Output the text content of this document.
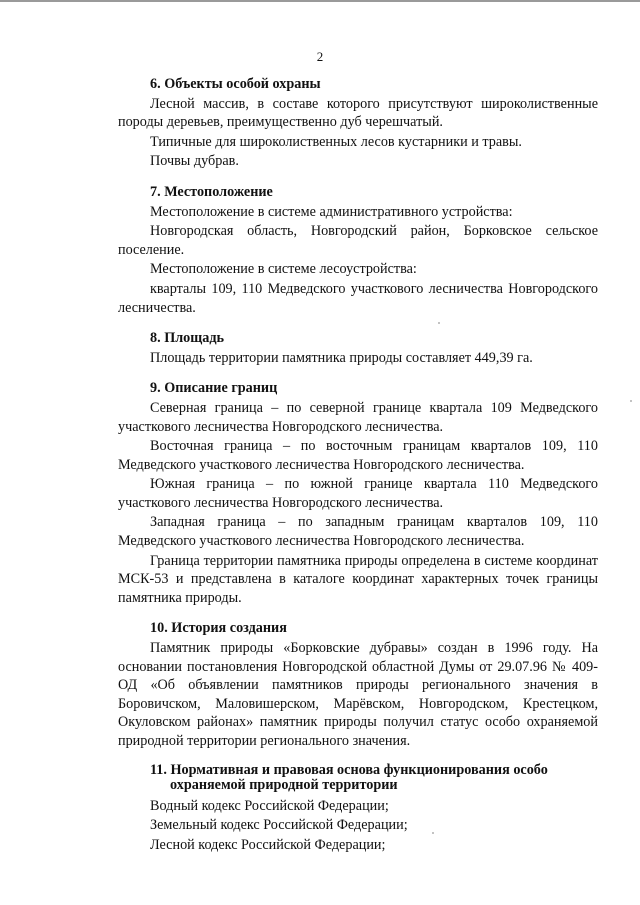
2
6. Объекты особой охраны

Лесной массив, в составе которого присутствуют широколиственные породы деревьев, преимущественно дуб черешчатый.

Типичные для широколиственных лесов кустарники и травы.

Почвы дубрав.

7. Местоположение

Местоположение в системе административного устройства:

Новгородская область, Новгородский район, Борковское сельское поселение.

Местоположение в системе лесоустройства:

кварталы 109, 110 Медведского участкового лесничества Новгородского лесничества.

8. Площадь

Площадь территории памятника природы составляет 449,39 га.

9. Описание границ

Северная граница – по северной границе квартала 109 Медведского участкового лесничества Новгородского лесничества.

Восточная граница – по восточным границам кварталов 109, 110 Медведского участкового лесничества Новгородского лесничества.

Южная граница – по южной границе квартала 110 Медведского участкового лесничества Новгородского лесничества.

Западная граница – по западным границам кварталов 109, 110 Медведского участкового лесничества Новгородского лесничества.

Граница территории памятника природы определена в системе координат МСК-53 и представлена в каталоге координат характерных точек границы памятника природы.

10. История создания

Памятник природы «Борковские дубравы» создан в 1996 году. На основании постановления Новгородской областной Думы от 29.07.96 № 409-ОД «Об объявлении памятников природы регионального значения в Боровичском, Маловишерском, Марёвском, Новгородском, Крестецком, Окуловском районах» памятник природы получил статус особо охраняемой природной территории регионального значения.

11. Нормативная и правовая основа функционирования особо охраняемой природной территории

Водный кодекс Российской Федерации;

Земельный кодекс Российской Федерации;

Лесной кодекс Российской Федерации;
